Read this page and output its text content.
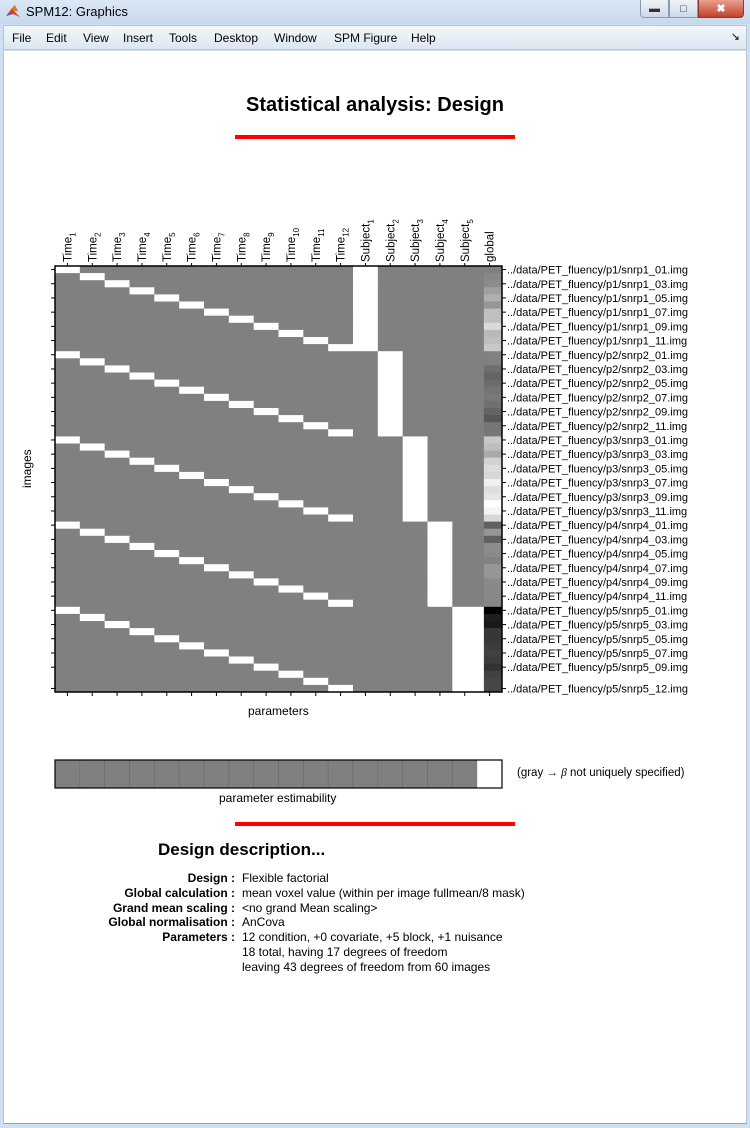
SPM12: Graphics	▬ □	✖
File Edit View Insert Tools Desktop Window SPM Figure Help	↘
Statistical analysis: Design
Time$_1$
Time$_2$
Time$_3$
Time$_4$
Time$_5$
Time$_6$
Time$_7$
Time$_8$
Time$_9$
Time$_{10}$
Time$_{11}$
Time$_{12}$ Subject$_1$
Subject$_2$
Subject$_3$
Subject$_4$
Subject$_5$
global
../data/PET_fluency/p1/snrp1_01.img
../data/PET_fluency/p1/snrp1_03.img
../data/PET_fluency/p1/snrp1_05.img
../data/PET_fluency/p1/snrp1_07.img
../data/PET_fluency/p1/snrp1_09.img
../data/PET_fluency/p1/snrp1_11.img
../data/PET_fluency/p2/snrp2_01.img
../data/PET_fluency/p2/snrp2_03.img
../data/PET_fluency/p2/snrp2_05.img
../data/PET_fluency/p2/snrp2_07.img
../data/PET_fluency/p2/snrp2_09.img
../data/PET_fluency/p2/snrp2_11.img
../data/PET_fluency/p3/snrp3_01.img
../data/PET_fluency/p3/snrp3_03.img
../data/PET_fluency/p3/snrp3_05.img
../data/PET_fluency/p3/snrp3_07.img
../data/PET_fluency/p3/snrp3_09.img
../data/PET_fluency/p3/snrp3_11.img
../data/PET_fluency/p4/snrp4_01.img
../data/PET_fluency/p4/snrp4_03.img
../data/PET_fluency/p4/snrp4_05.img
../data/PET_fluency/p4/snrp4_07.img
../data/PET_fluency/p4/snrp4_09.img
../data/PET_fluency/p4/snrp4_11.img
../data/PET_fluency/p5/snrp5_01.img
../data/PET_fluency/p5/snrp5_03.img
../data/PET_fluency/p5/snrp5_05.img
../data/PET_fluency/p5/snrp5_07.img
../data/PET_fluency/p5/snrp5_09.img
../data/PET_fluency/p5/snrp5_12.img
parameters
images
parameter estimability
(gray → β not uniquely specified)
Design description...
Design : Flexible factorial
Global calculation : mean voxel value (within per image fullmean/8 mask)
Grand mean scaling : <no grand Mean scaling>
Global normalisation : AnCova
Parameters : 12 condition, +0 covariate, +5 block, +1 nuisance
18 total, having 17 degrees of freedom
leaving 43 degrees of freedom from 60 images
